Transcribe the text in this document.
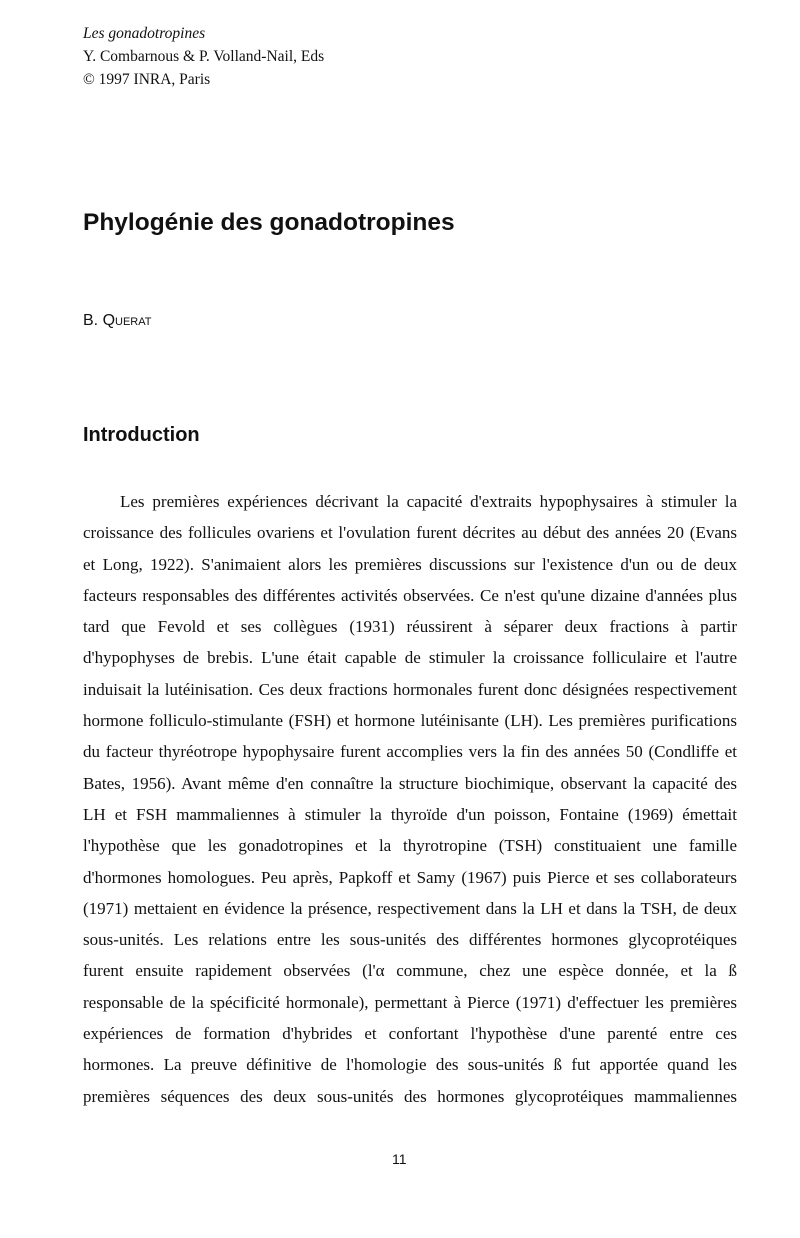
Les gonadotropines
Y. Combarnous & P. Volland-Nail, Eds
© 1997 INRA, Paris
Phylogénie des gonadotropines
B. Querat
Introduction
Les premières expériences décrivant la capacité d'extraits hypophysaires à stimuler la
croissance des follicules ovariens et l'ovulation furent décrites au début des années 20 (Evans
et Long, 1922). S'animaient alors les premières discussions sur l'existence d'un ou de deux
facteurs responsables des différentes activités observées. Ce n'est qu'une dizaine d'années plus
tard que Fevold et ses collègues (1931) réussirent à séparer deux fractions à partir
d'hypophyses de brebis. L'une était capable de stimuler la croissance folliculaire et l'autre
induisait la lutéinisation. Ces deux fractions hormonales furent donc désignées respectivement
hormone folliculo-stimulante (FSH) et hormone lutéinisante (LH). Les premières purifications
du facteur thyréotrope hypophysaire furent accomplies vers la fin des années 50 (Condliffe et
Bates, 1956). Avant même d'en connaître la structure biochimique, observant la capacité des
LH et FSH mammaliennes à stimuler la thyroïde d'un poisson, Fontaine (1969) émettait
l'hypothèse que les gonadotropines et la thyrotropine (TSH) constituaient une famille
d'hormones homologues. Peu après, Papkoff et Samy (1967) puis Pierce et ses collaborateurs
(1971) mettaient en évidence la présence, respectivement dans la LH et dans la TSH, de deux
sous-unités. Les relations entre les sous-unités des différentes hormones glycoprotéiques
furent ensuite rapidement observées (l'α commune, chez une espèce donnée, et la ß
responsable de la spécificité hormonale), permettant à Pierce (1971) d'effectuer les premières
expériences de formation d'hybrides et confortant l'hypothèse d'une parenté entre ces
hormones. La preuve définitive de l'homologie des sous-unités ß fut apportée quand les
premières séquences des deux sous-unités des hormones glycoprotéiques mammaliennes
11
